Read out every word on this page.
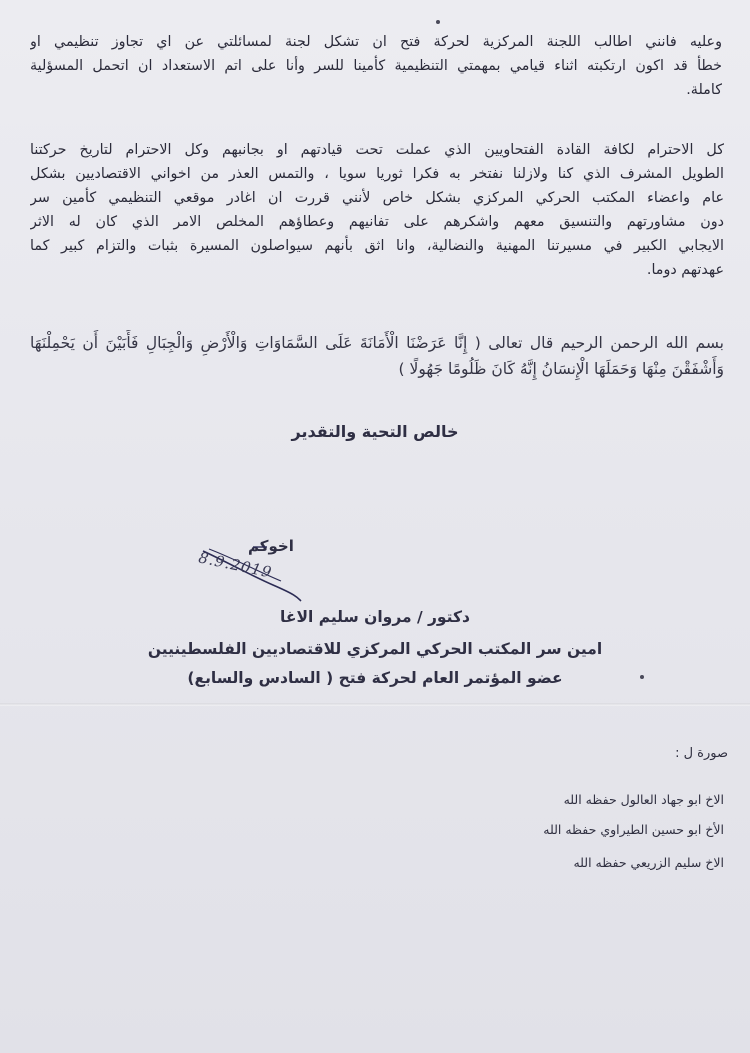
وعليه فانني اطالب اللجنة المركزية لحركة فتح ان تشكل لجنة لمسائلتي عن اي تجاوز تنظيمي او

خطأ قد اكون ارتكبته اثناء قيامي بمهمتي التنظيمية كأمينا للسر وأنا على اتم الاستعداد ان اتحمل المسؤلية

كاملة.

كل الاحترام لكافة القادة الفتحاويين الذي عملت تحت قيادتهم او بجانبهم وكل الاحترام لتاريخ حركتنا

الطويل المشرف الذي كنا ولازلنا نفتخر به فكرا ثوريا سويا ، والتمس العذر من اخواني الاقتصاديين بشكل

عام واعضاء المكتب الحركي المركزي بشكل خاص لأنني قررت ان اغادر موقعي التنظيمي كأمين سر

دون مشاورتهم والتنسيق معهم واشكرهم على تفانيهم وعطاؤهم المخلص الامر الذي كان له الاثر

الايجابي الكبير في مسيرتنا المهنية والنضالية، وانا اثق بأنهم سيواصلون المسيرة بثبات والتزام كبير كما

عهدتهم دوما.

بسم الله الرحمن الرحيم قال تعالى ( إِنَّا عَرَضْنَا الْأَمَانَةَ عَلَى السَّمَاوَاتِ وَالْأَرْضِ وَالْجِبَالِ فَأَبَيْنَ أَن يَحْمِلْنَهَا

وَأَشْفَقْنَ مِنْهَا وَحَمَلَهَا الْإِنسَانُ إِنَّهُ كَانَ ظَلُومًا جَهُولًا )

خالص التحية والتقدير
اخوكم
8.9.2019
دكتور / مروان سليم الاغا
امين سر المكتب الحركي المركزي للاقتصاديين الفلسطينيين
عضو المؤتمر العام لحركة فتح ( السادس والسابع)
صورة ل :
الاخ ابو جهاد العالول حفظه الله
الأخ ابو حسين الطيراوي حفظه الله
الاخ سليم الزريعي حفظه الله
